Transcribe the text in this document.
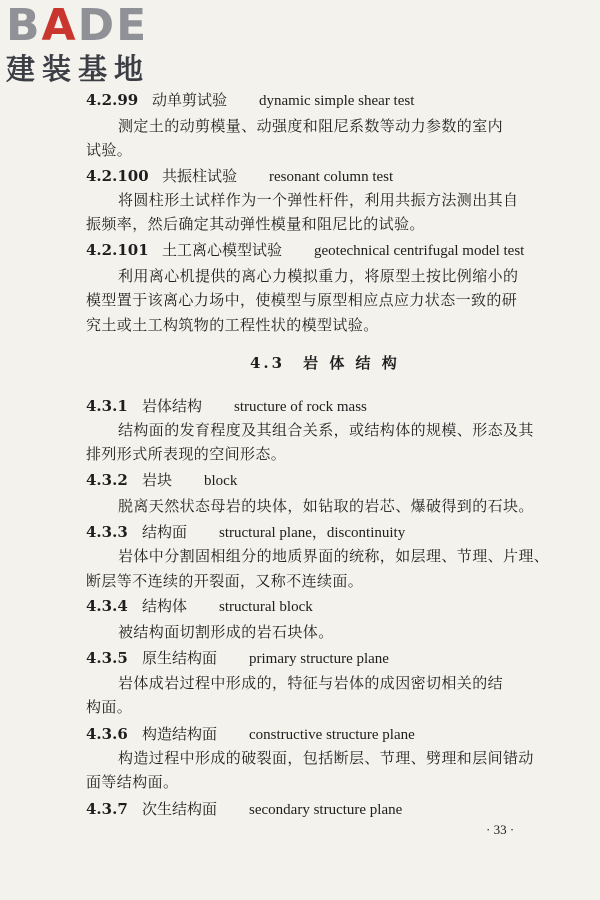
BADE
建装基地
4.2.99 动单剪试验 dynamic simple shear test
测定土的动剪模量、动强度和阻尼系数等动力参数的室内
试验。
4.2.100 共振柱试验 resonant column test
将圆柱形土试样作为一个弹性杆件，利用共振方法测出其自
振频率，然后确定其动弹性模量和阻尼比的试验。
4.2.101 土工离心模型试验 geotechnical centrifugal model test
利用离心机提供的离心力模拟重力，将原型土按比例缩小的
模型置于该离心力场中，使模型与原型相应点应力状态一致的研
究土或土工构筑物的工程性状的模型试验。
4.3.1 岩体结构 structure of rock mass
结构面的发育程度及其组合关系，或结构体的规模、形态及其
排列形式所表现的空间形态。
4.3.2 岩块 block
脱离天然状态母岩的块体，如钻取的岩芯、爆破得到的石块。
4.3.3 结构面 structural plane，discontinuity
岩体中分割固相组分的地质界面的统称，如层理、节理、片理、
断层等不连续的开裂面，又称不连续面。
4.3.4 结构体 structural block
被结构面切割形成的岩石块体。
4.3.5 原生结构面 primary structure plane
岩体成岩过程中形成的，特征与岩体的成因密切相关的结
构面。
4.3.6 构造结构面 constructive structure plane
构造过程中形成的破裂面，包括断层、节理、劈理和层间错动
面等结构面。
4.3.7 次生结构面 secondary structure plane
4.3　岩 体 结 构
· 33 ·
